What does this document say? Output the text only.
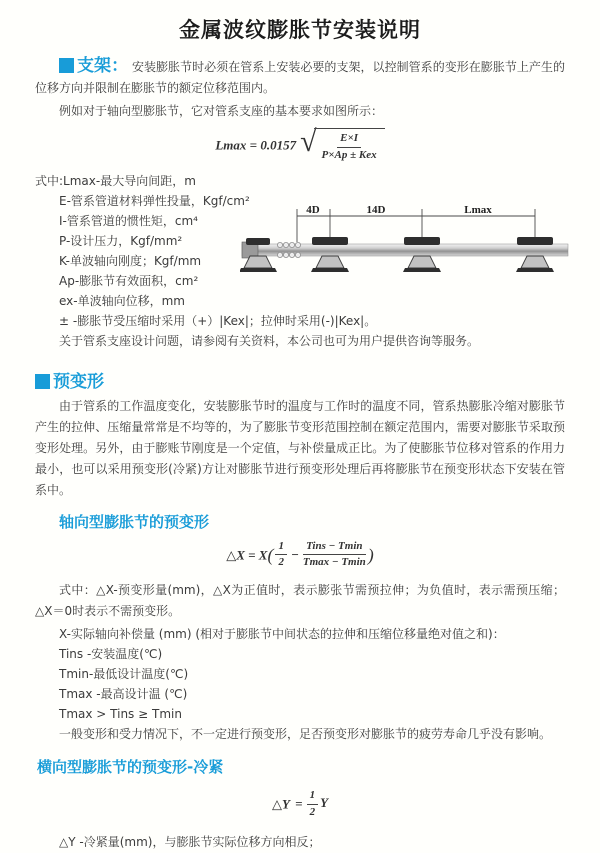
金属波纹膨胀节安装说明

支架： 安装膨胀节时必须在管系上安装必要的支架，以控制管系的变形在膨胀节上产生的位移方向并限制在膨胀节的额定位移范围内。

例如对于轴向型膨胀节，它对管系支座的基本要求如图所示：

Lmax = 0.0157 √ $\frac{E\times I}{\text{P×Ap ± Kex}}$
式中:Lmax-最大导向间距，m
E-管系管道材料弹性投量，Kgf/cm²
I-管系管道的惯性矩，cm⁴
P-设计压力，Kgf/mm²
K-单波轴向刚度；Kgf/mm
Ap-膨胀节有效面积，cm²
ex-单波轴向位移，mm
± -膨胀节受压缩时采用（+）|Kex|；拉伸时采用(-)|Kex|。
关于管系支座设计问题，请参阅有关资料，本公司也可为用户提供咨询等服务。
预变形

由于管系的工作温度变化，安装膨胀节时的温度与工作时的温度不同，管系热膨胀冷缩对膨胀节产生的拉伸、压缩量常常是不均等的，为了膨胀节变形范围控制在额定范围内，需要对膨胀节采取预变形处理。另外，由于膨账节刚度是一个定值，与补偿量成正比。为了使膨胀节位移对管系的作用力最小，也可以采用预变形(冷紧)方让对膨胀节进行预变形处理后再将膨胀节在预变形状态下安装在管系中。

轴向型膨胀节的预变形
△X = $X( \frac{1}{2} - \frac{\text{Tins − Tmin}}{Tmax - Tmin}$ )

式中：△X-预变形量(mm)，△X为正值时，表示膨张节需预拉伸；为负值时，表示需预压缩；△X＝0时表示不需预变形。

X-实际轴向补偿量 (mm) (相对于膨胀节中间状态的拉伸和压缩位移量绝对值之和)：
Tins -安装温度(℃)
Tmin-最低设计温度(℃)
Tmax -最高设计温 (℃)
Tmax > Tins ≥ Tmin
一般变形和受力情况下，不一定进行预变形，足否预变形对膨胀节的疲劳寿命几乎没有影响。
横向型膨胀节的预变形-冷紧
△Y = $\frac{1}{2}$ Y

△Y -冷紧量(mm)，与膨胀节实际位移方向相反；

4D	14D	Lmax
